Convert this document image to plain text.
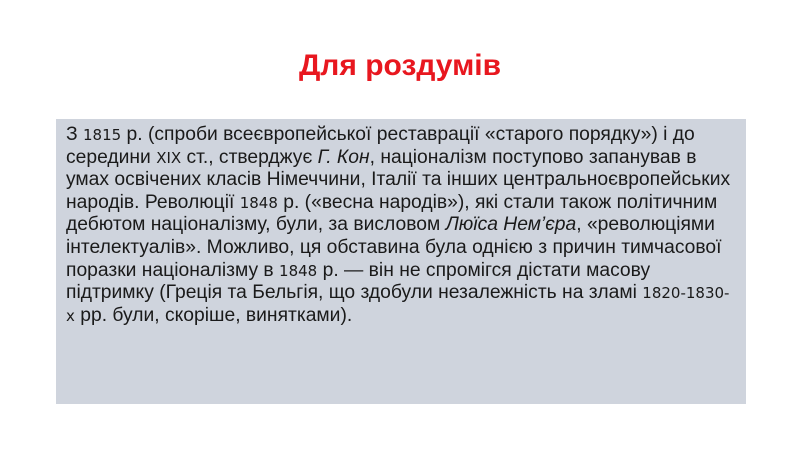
Для роздумів

З 1815 р. (спроби всеєвропейської реставрації «старого порядку») і до середини XIX ст., стверджує Г. Кон, націоналізм поступово запанував в умах освічених класів Німеччини, Італії та інших центральноєвропейських народів. Революції 1848 р. («весна народів»), які стали також політичним дебютом націоналізму, були, за висловом Люїса Нем’єра, «революціями інтелектуалів». Можливо, ця обставина була однією з причин тимчасової поразки націоналізму в 1848 р. — він не спромігся дістати масову підтримку (Греція та Бельгія, що здобули незалежність на зламі 1820-1830-х рр. були, скоріше, винятками).
